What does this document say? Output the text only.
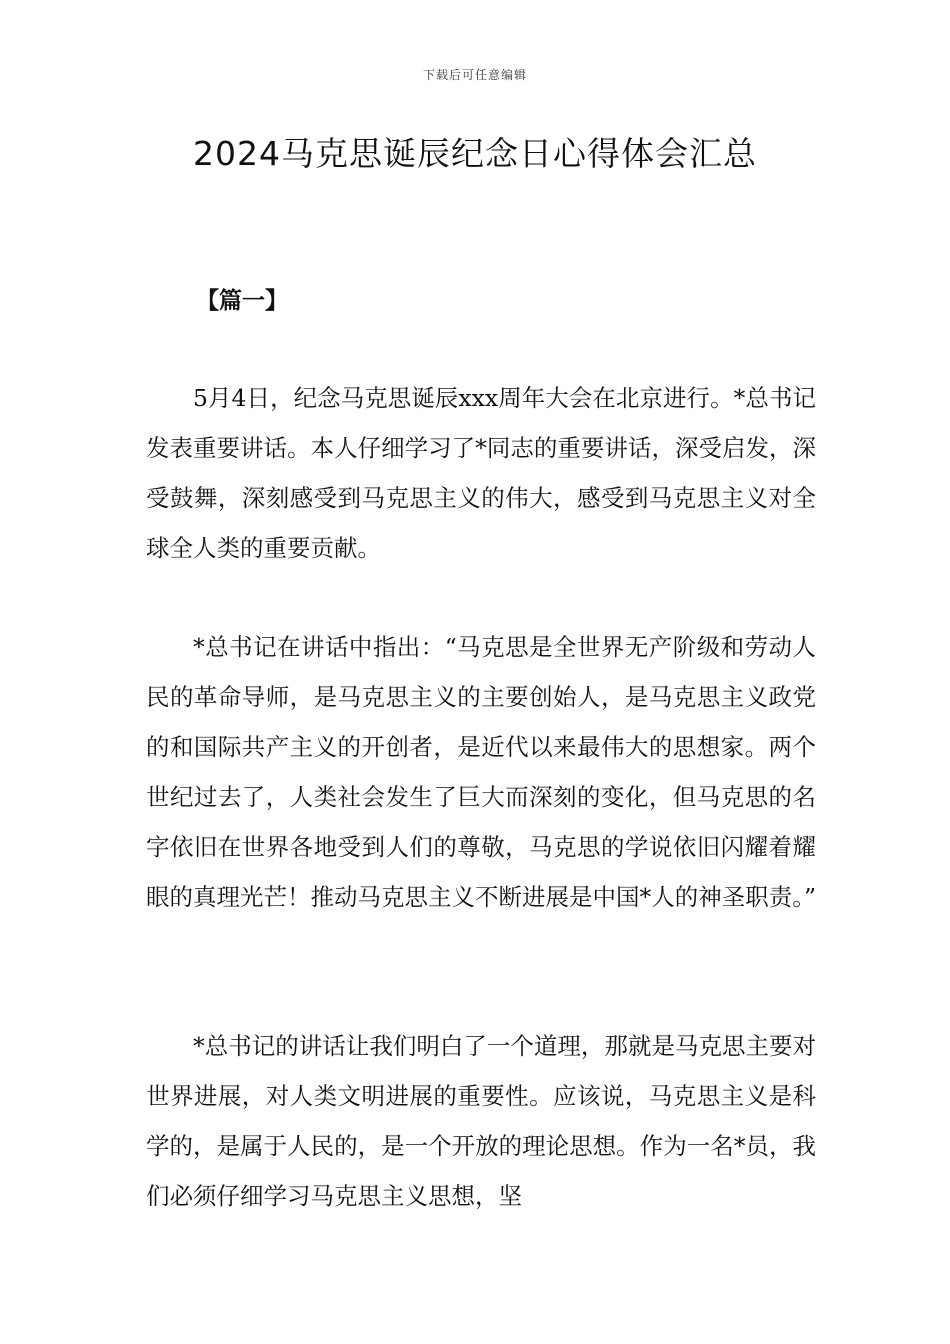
下载后可任意编辑
2024马克思诞辰纪念日心得体会汇总
【篇一】

5月4日，纪念马克思诞辰xxx周年大会在北京进行。*总书记发表重要讲话。本人仔细学习了*同志的重要讲话，深受启发，深受鼓舞，深刻感受到马克思主义的伟大，感受到马克思主义对全球全人类的重要贡献。

*总书记在讲话中指出：“马克思是全世界无产阶级和劳动人民的革命导师，是马克思主义的主要创始人，是马克思主义政党的和国际共产主义的开创者，是近代以来最伟大的思想家。两个世纪过去了，人类社会发生了巨大而深刻的变化，但马克思的名字依旧在世界各地受到人们的尊敬，马克思的学说依旧闪耀着耀眼的真理光芒！推动马克思主义不断进展是中国*人的神圣职责。”

*总书记的讲话让我们明白了一个道理，那就是马克思主要对世界进展，对人类文明进展的重要性。应该说，马克思主义是科学的，是属于人民的，是一个开放的理论思想。作为一名*员，我们必须仔细学习马克思主义思想，坚
